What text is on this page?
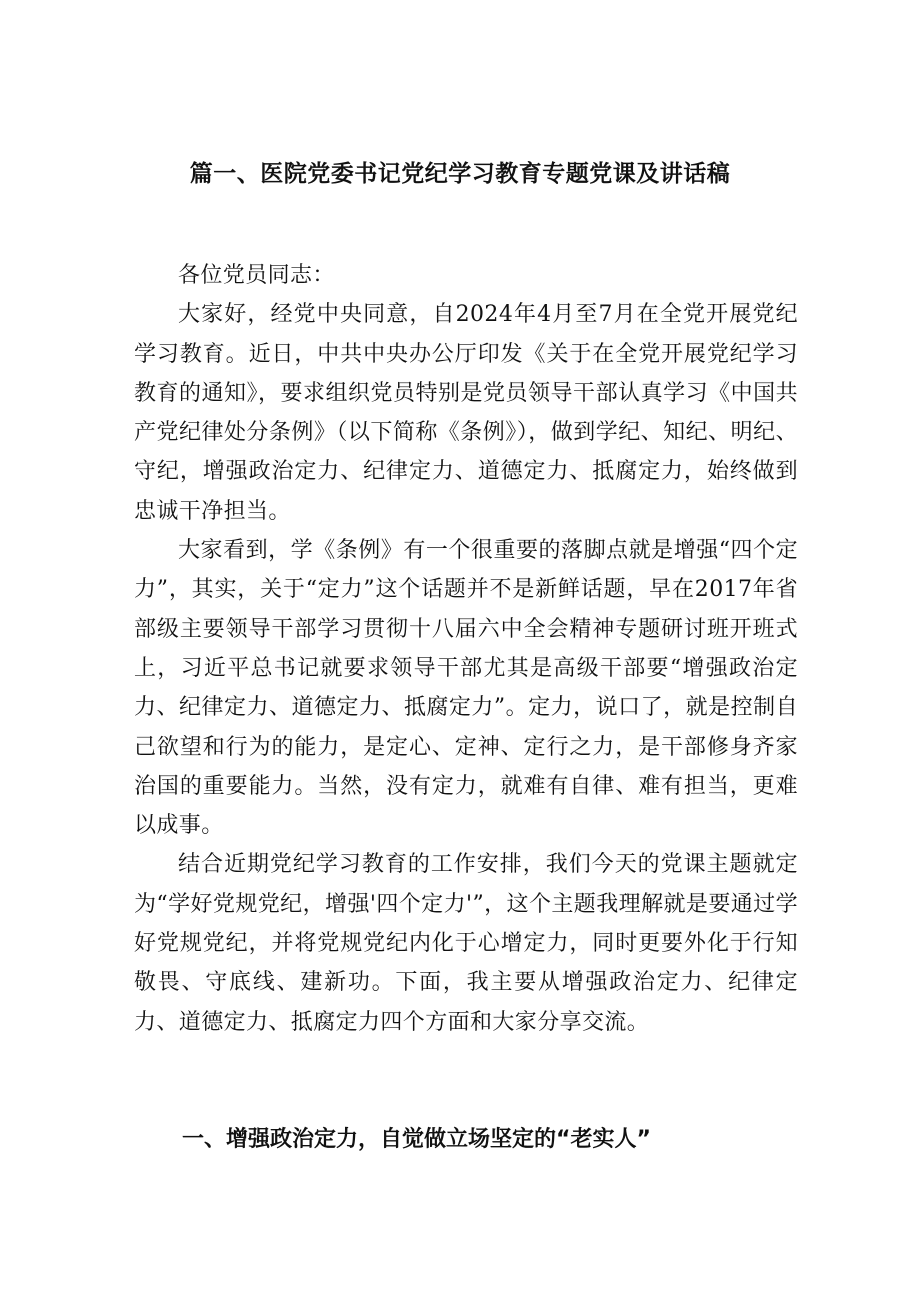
篇一、医院党委书记党纪学习教育专题党课及讲话稿

各位党员同志：

大家好，经党中央同意，自2024年4月至7月在全党开展党纪学习教育。近日，中共中央办公厅印发《关于在全党开展党纪学习教育的通知》，要求组织党员特别是党员领导干部认真学习《中国共产党纪律处分条例》（以下简称《条例》），做到学纪、知纪、明纪、守纪，增强政治定力、纪律定力、道德定力、抵腐定力，始终做到忠诚干净担当。

大家看到，学《条例》有一个很重要的落脚点就是增强“四个定力”，其实，关于“定力”这个话题并不是新鲜话题，早在2017年省部级主要领导干部学习贯彻十八届六中全会精神专题研讨班开班式上，习近平总书记就要求领导干部尤其是高级干部要“增强政治定力、纪律定力、道德定力、抵腐定力”。定力，说口了，就是控制自己欲望和行为的能力，是定心、定神、定行之力，是干部修身齐家治国的重要能力。当然，没有定力，就难有自律、难有担当，更难以成事。

结合近期党纪学习教育的工作安排，我们今天的党课主题就定为“学好党规党纪，增强'四个定力'”，这个主题我理解就是要通过学好党规党纪，并将党规党纪内化于心增定力，同时更要外化于行知敬畏、守底线、建新功。下面，我主要从增强政治定力、纪律定力、道德定力、抵腐定力四个方面和大家分享交流。

一、增强政治定力，自觉做立场坚定的“老实人”
